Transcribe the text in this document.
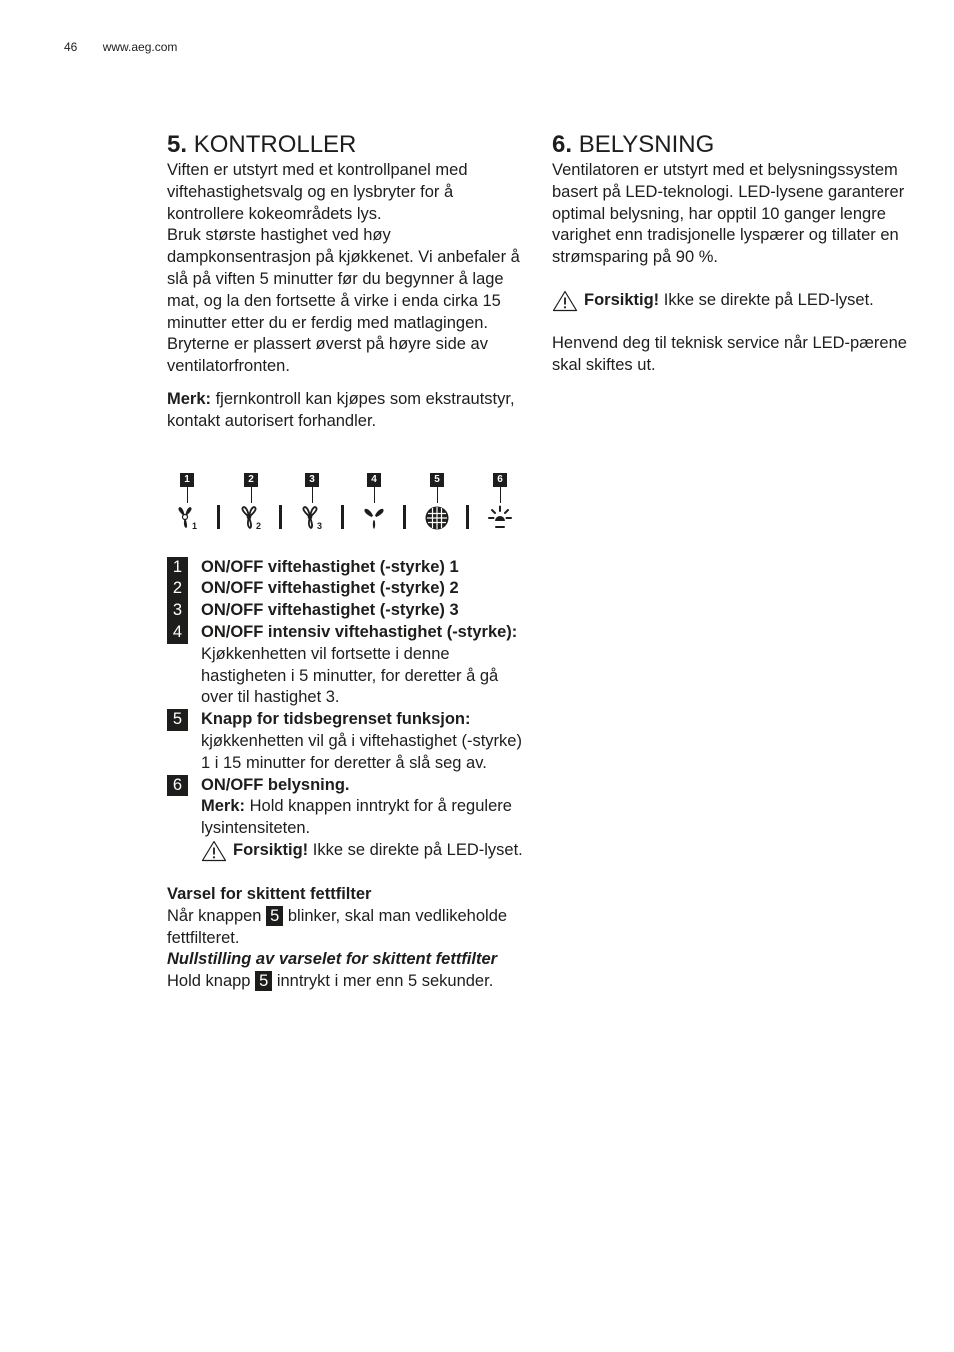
46 www.aeg.com
5. KONTROLLER

Viften er utstyrt med et kontrollpanel med viftehastighetsvalg og en lysbryter for å kontrollere kokeområdets lys.

Bruk største hastighet ved høy dampkonsentrasjon på kjøkkenet. Vi anbefaler å slå på viften 5 minutter før du begynner å lage mat, og la den fortsette å virke i enda cirka 15 minutter etter du er ferdig med matlagingen.

Bryterne er plassert øverst på høyre side av ventilatorfronten.

Merk: fjernkontroll kan kjøpes som ekstrautstyr, kontakt autorisert forhandler.

1
1
2
2
3
3
4	5	6
1	ON/OFF viftehastighet (-styrke) 1
2	ON/OFF viftehastighet (-styrke) 2
3	ON/OFF viftehastighet (-styrke) 3
4	ON/OFF intensiv viftehastighet (-styrke): Kjøkkenhetten vil fortsette i denne hastigheten i 5 minutter, for deretter å gå over til hastighet 3.
5	Knapp for tidsbegrenset funksjon: kjøkkenhetten vil gå i viftehastighet (-styrke) 1 i 15 minutter for deretter å slå seg av.
6	ON/OFF belysning.
Merk: Hold knappen inntrykt for å regulere lysintensiteten.
Forsiktig! Ikke se direkte på LED-lyset.

Varsel for skittent fettfilter

Når knappen 5 blinker, skal man vedlikeholde fettfilteret.

Nullstilling av varselet for skittent fettfilter

Hold knapp 5 inntrykt i mer enn 5 sekunder.

6. BELYSNING

Ventilatoren er utstyrt med et belysningssystem basert på LED-teknologi. LED-lysene garanterer optimal belysning, har opptil 10 ganger lengre varighet enn tradisjonelle lyspærer og tillater en strømsparing på 90 %.

Forsiktig! Ikke se direkte på LED-lyset.

Henvend deg til teknisk service når LED-pærene skal skiftes ut.
